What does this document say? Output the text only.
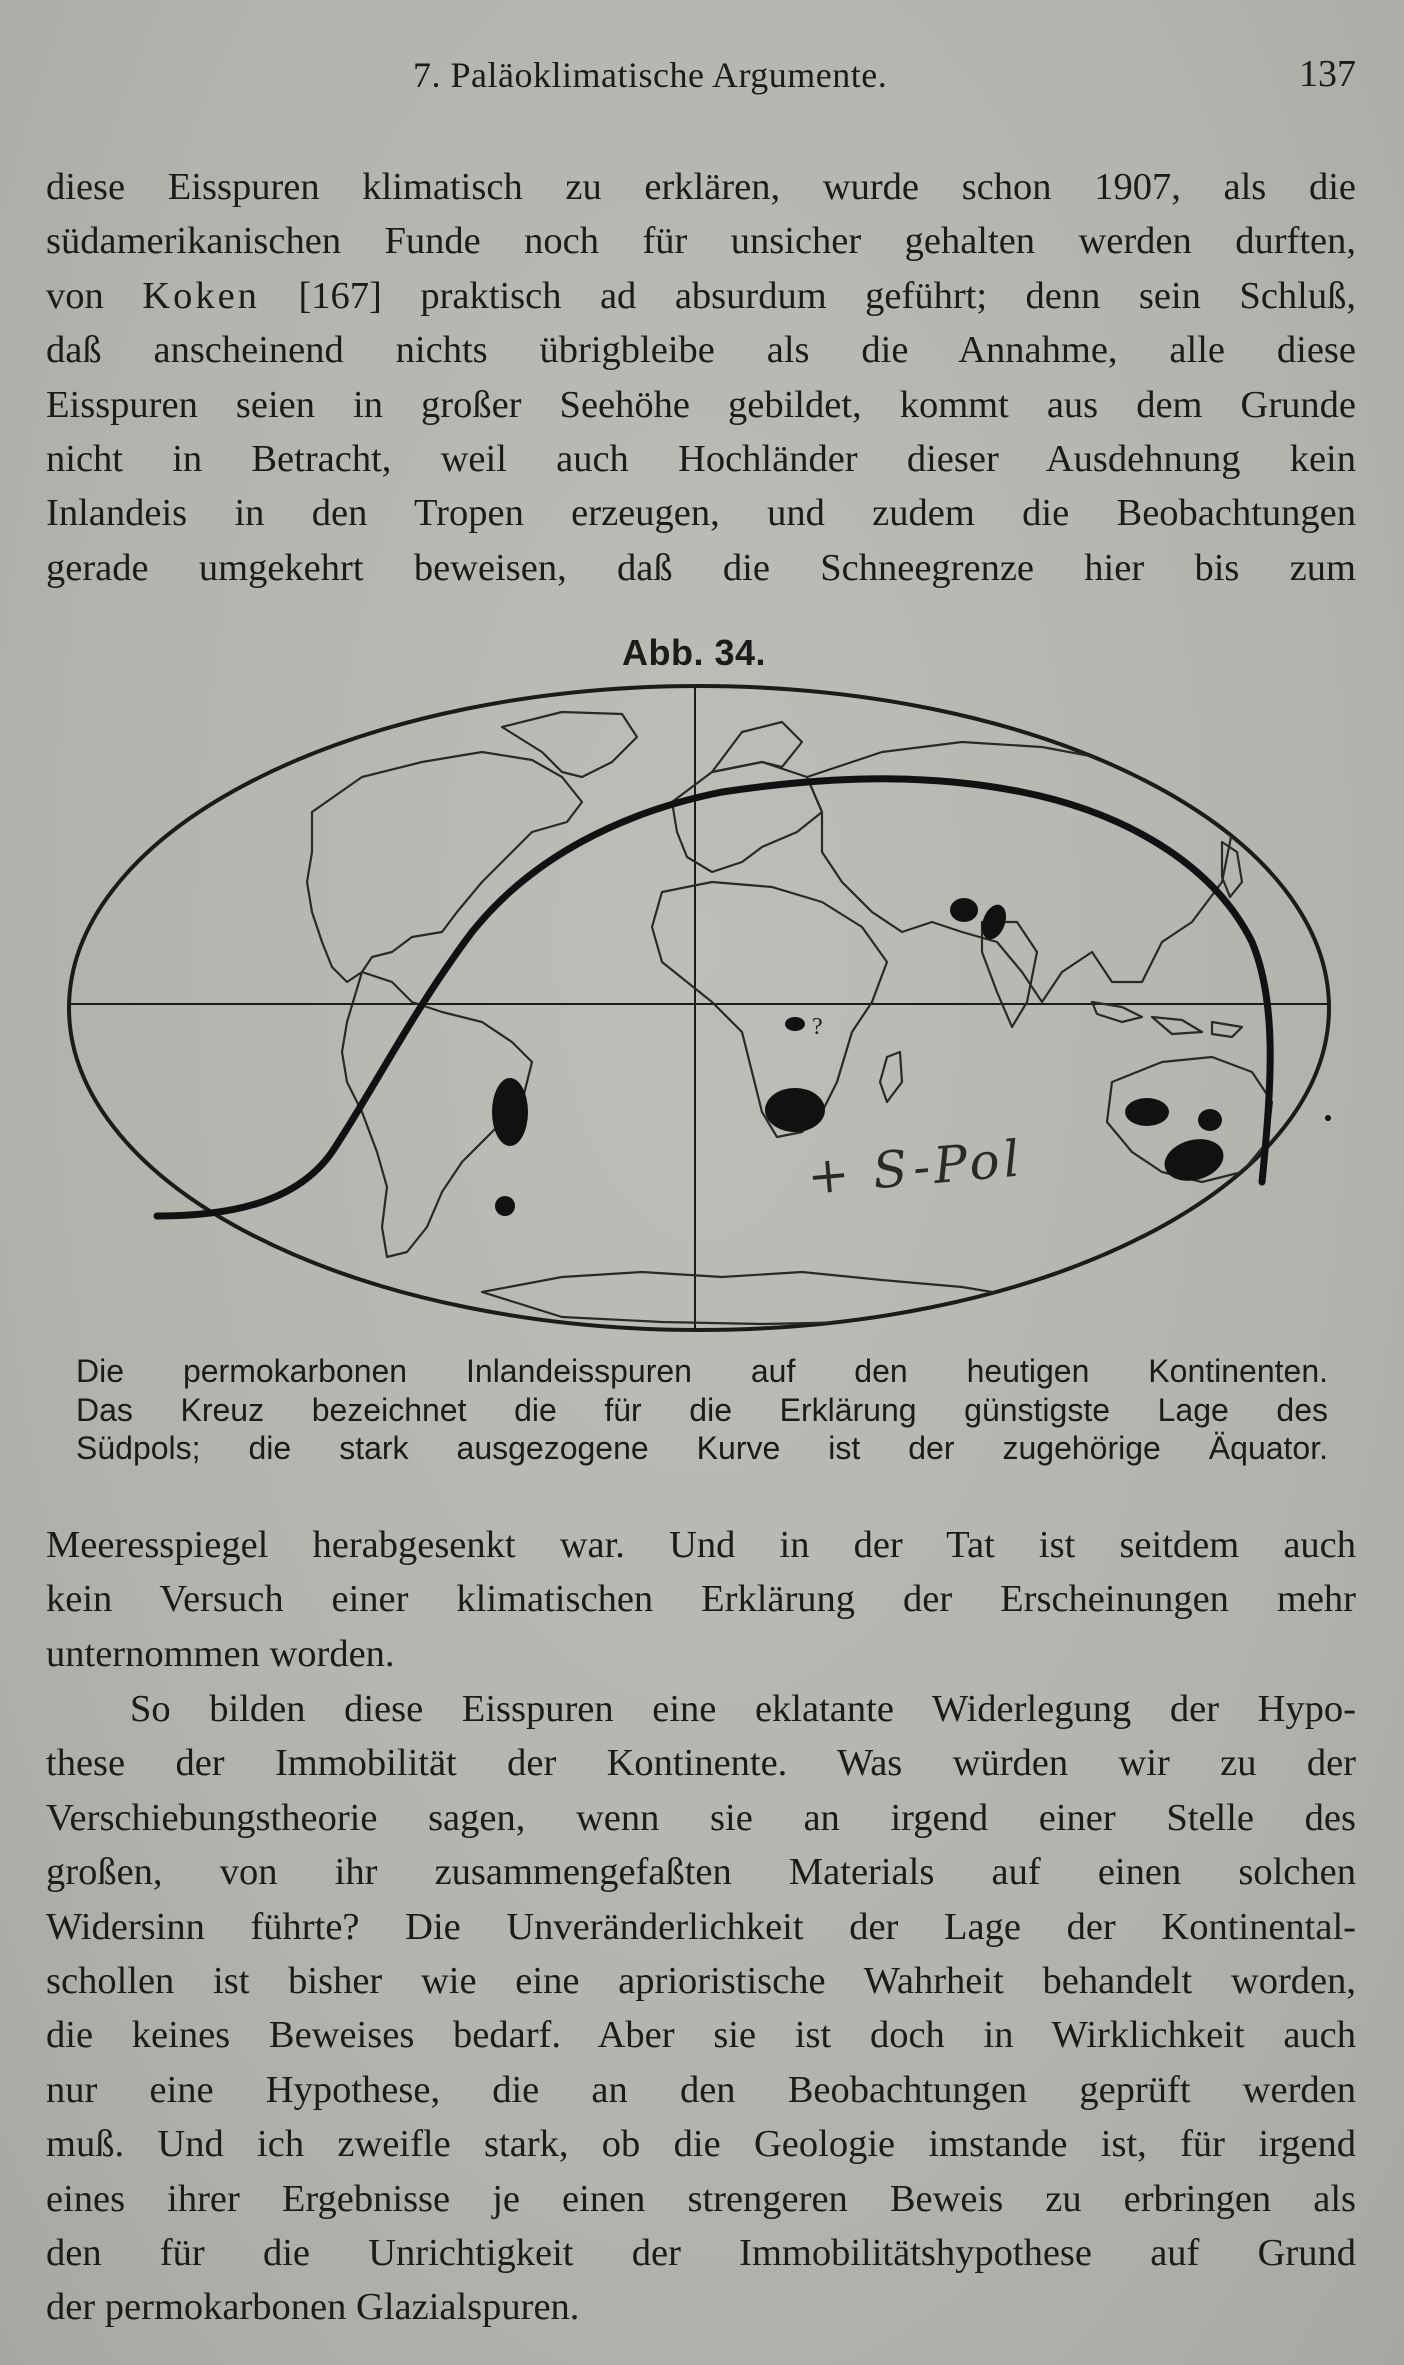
7. Paläoklimatische Argumente.	137
diese Eisspuren klimatisch zu erklären, wurde schon 1907, als die
südamerikanischen Funde noch für unsicher gehalten werden durften,
von Koken [167] praktisch ad absurdum geführt; denn sein Schluß,
daß anscheinend nichts übrigbleibe als die Annahme, alle diese
Eisspuren seien in großer Seehöhe gebildet, kommt aus dem Grunde
nicht in Betracht, weil auch Hochländer dieser Ausdehnung kein
Inlandeis in den Tropen erzeugen, und zudem die Beobachtungen
gerade umgekehrt beweisen, daß die Schneegrenze hier bis zum
Abb. 34.
?
+ S-Pol
Die permokarbonen Inlandeisspuren auf den heutigen Kontinenten.
Das Kreuz bezeichnet die für die Erklärung günstigste Lage des
Südpols; die stark ausgezogene Kurve ist der zugehörige Äquator.
Meeresspiegel herabgesenkt war. Und in der Tat ist seitdem auch
kein Versuch einer klimatischen Erklärung der Erscheinungen mehr
unternommen worden.
So bilden diese Eisspuren eine eklatante Widerlegung der Hypo-
these der Immobilität der Kontinente. Was würden wir zu der
Verschiebungstheorie sagen, wenn sie an irgend einer Stelle des
großen, von ihr zusammengefaßten Materials auf einen solchen
Widersinn führte? Die Unveränderlichkeit der Lage der Kontinental-
schollen ist bisher wie eine aprioristische Wahrheit behandelt worden,
die keines Beweises bedarf. Aber sie ist doch in Wirklichkeit auch
nur eine Hypothese, die an den Beobachtungen geprüft werden
muß. Und ich zweifle stark, ob die Geologie imstande ist, für irgend
eines ihrer Ergebnisse je einen strengeren Beweis zu erbringen als
den für die Unrichtigkeit der Immobilitätshypothese auf Grund
der permokarbonen Glazialspuren.
